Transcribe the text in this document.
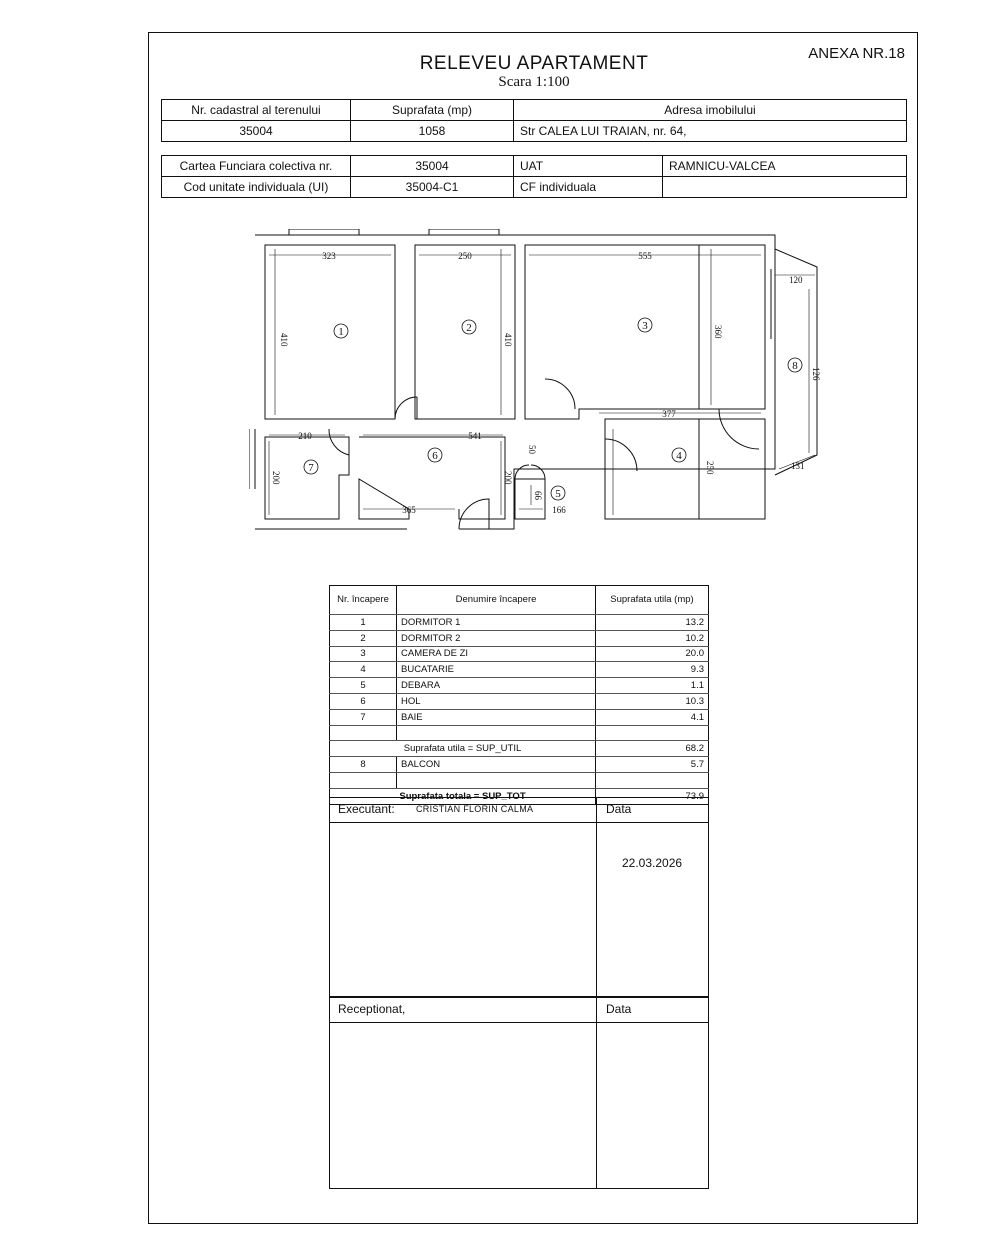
RELEVEU APARTAMENT
Scara 1:100
ANEXA NR.18
Nr. cadastral al terenului	Suprafata (mp)	Adresa imobilului
35004	1058	Str CALEA LUI TRAIAN, nr. 64,
Cartea Funciara colectiva nr.	35004	UAT	RAMNICU-VALCEA
Cod unitate individuala (UI)	35004-C1	CF individuala	
323	250	555
410	410
360
120
126
377
210	541
50
250	131
200	200
365
66
166
1	2	3
4
5
6
7
8
Nr. încapere	Denumire încapere	Suprafata utila (mp)
1	DORMITOR 1	13.2
2	DORMITOR 2	10.2
3	CAMERA DE ZI	20.0
4	BUCATARIE	9.3
5	DEBARA	1.1
6	HOL	10.3
7	BAIE	4.1

Suprafata utila = SUP_UTIL		68.2
8	BALCON	5.7

Suprafata totala = SUP_TOT		73.9
Executant: CRISTIAN FLORIN CALMA	Data
22.03.2026
Receptionat,	Data
